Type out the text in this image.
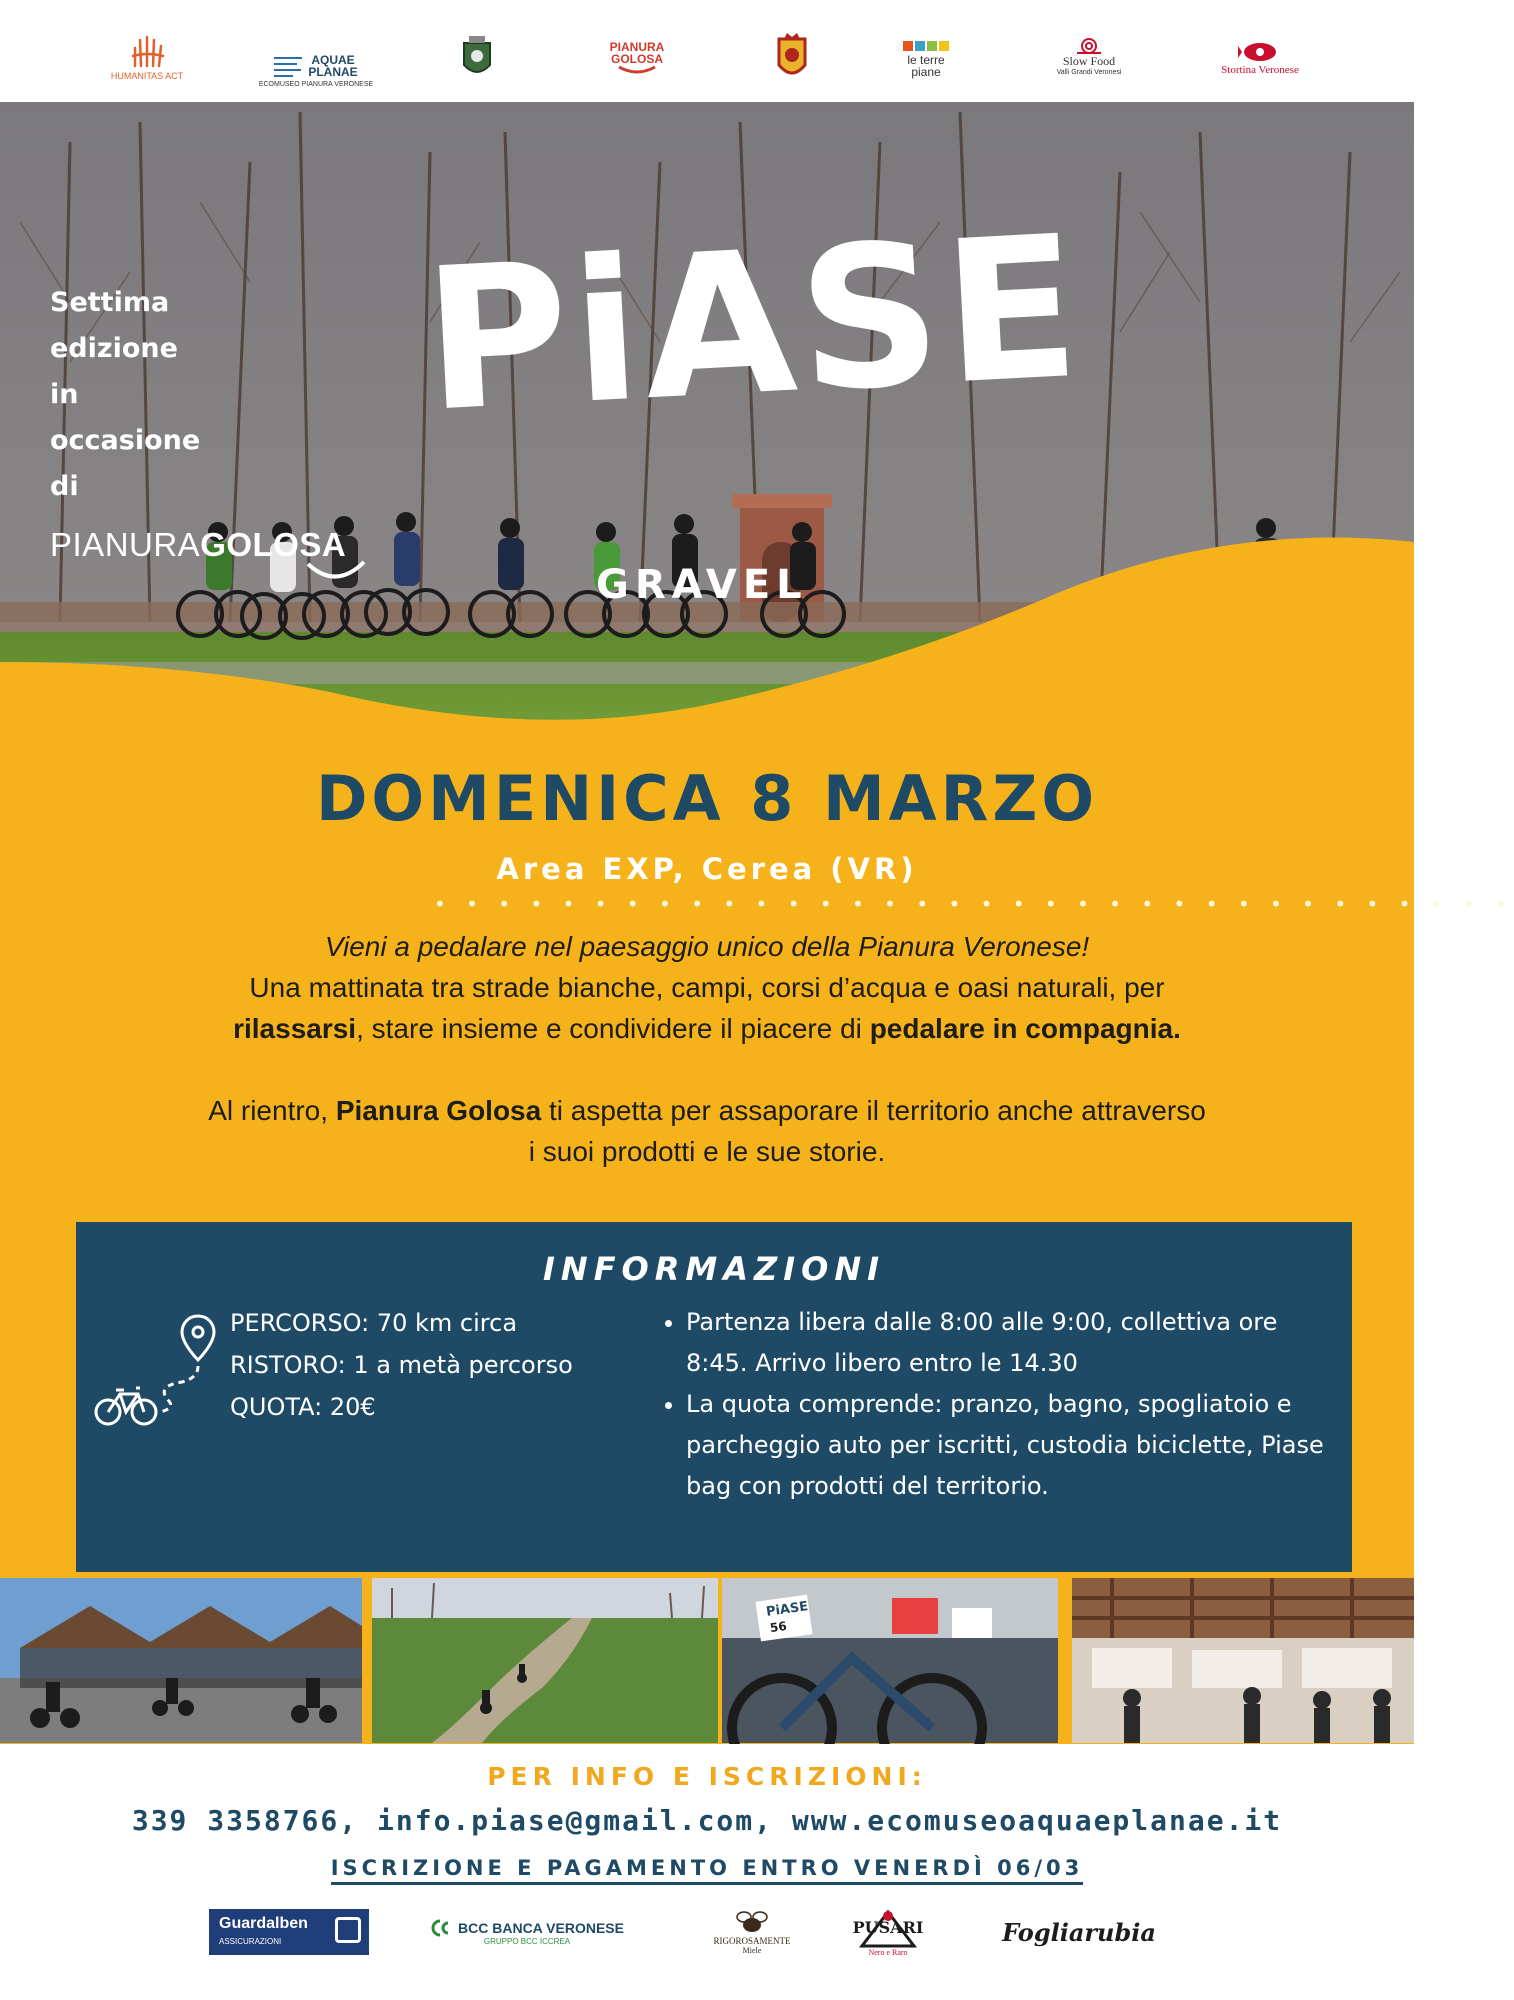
HUMANITAS ACT
AQUAE PLANAE
ECOMUSEO PIANURA VERONESE
PIANURA GOLOSA	le terre piane
Slow Food
Valli Grandi Veronesi	Stortina Veronese
Settima
edizione
in
occasione
di
PIANURAGOLOSA
PiASE
GRAVEL
DOMENICA 8 MARZO
Area EXP, Cerea (VR)
• • • • • • • • • • • • • • • • • • • • • • • • • • • • • • • • • •

Vieni a pedalare nel paesaggio unico della Pianura Veronese!

Una mattinata tra strade bianche, campi, corsi d’acqua e oasi naturali, per

rilassarsi, stare insieme e condividere il piacere di pedalare in compagnia.

Al rientro, Pianura Golosa ti aspetta per assaporare il territorio anche attraverso

i suoi prodotti e le sue storie.

INFORMAZIONI
PERCORSO: 70 km circa
RISTORO: 1 a metà percorso
QUOTA: 20€
• Partenza libera dalle 8:00 alle 9:00, collettiva ore 8:45. Arrivo libero entro le 14.30
• La quota comprende: pranzo, bagno, spogliatoio e parcheggio auto per iscritti, custodia biciclette, Piase bag con prodotti del territorio.
PiASE
56
PER INFO E ISCRIZIONI:
339 3358766, info.piase@gmail.com, www.ecomuseoaquaeplanae.it
ISCRIZIONE E PAGAMENTO ENTRO VENERDÌ 06/03
Guardalben
ASSICURAZIONI
BCC BANCA VERONESE
GRUPPO BCC ICCREA	RIGOROSAMENTE
Miele
PUSARI
Nero e Raro
Fogliarubia
